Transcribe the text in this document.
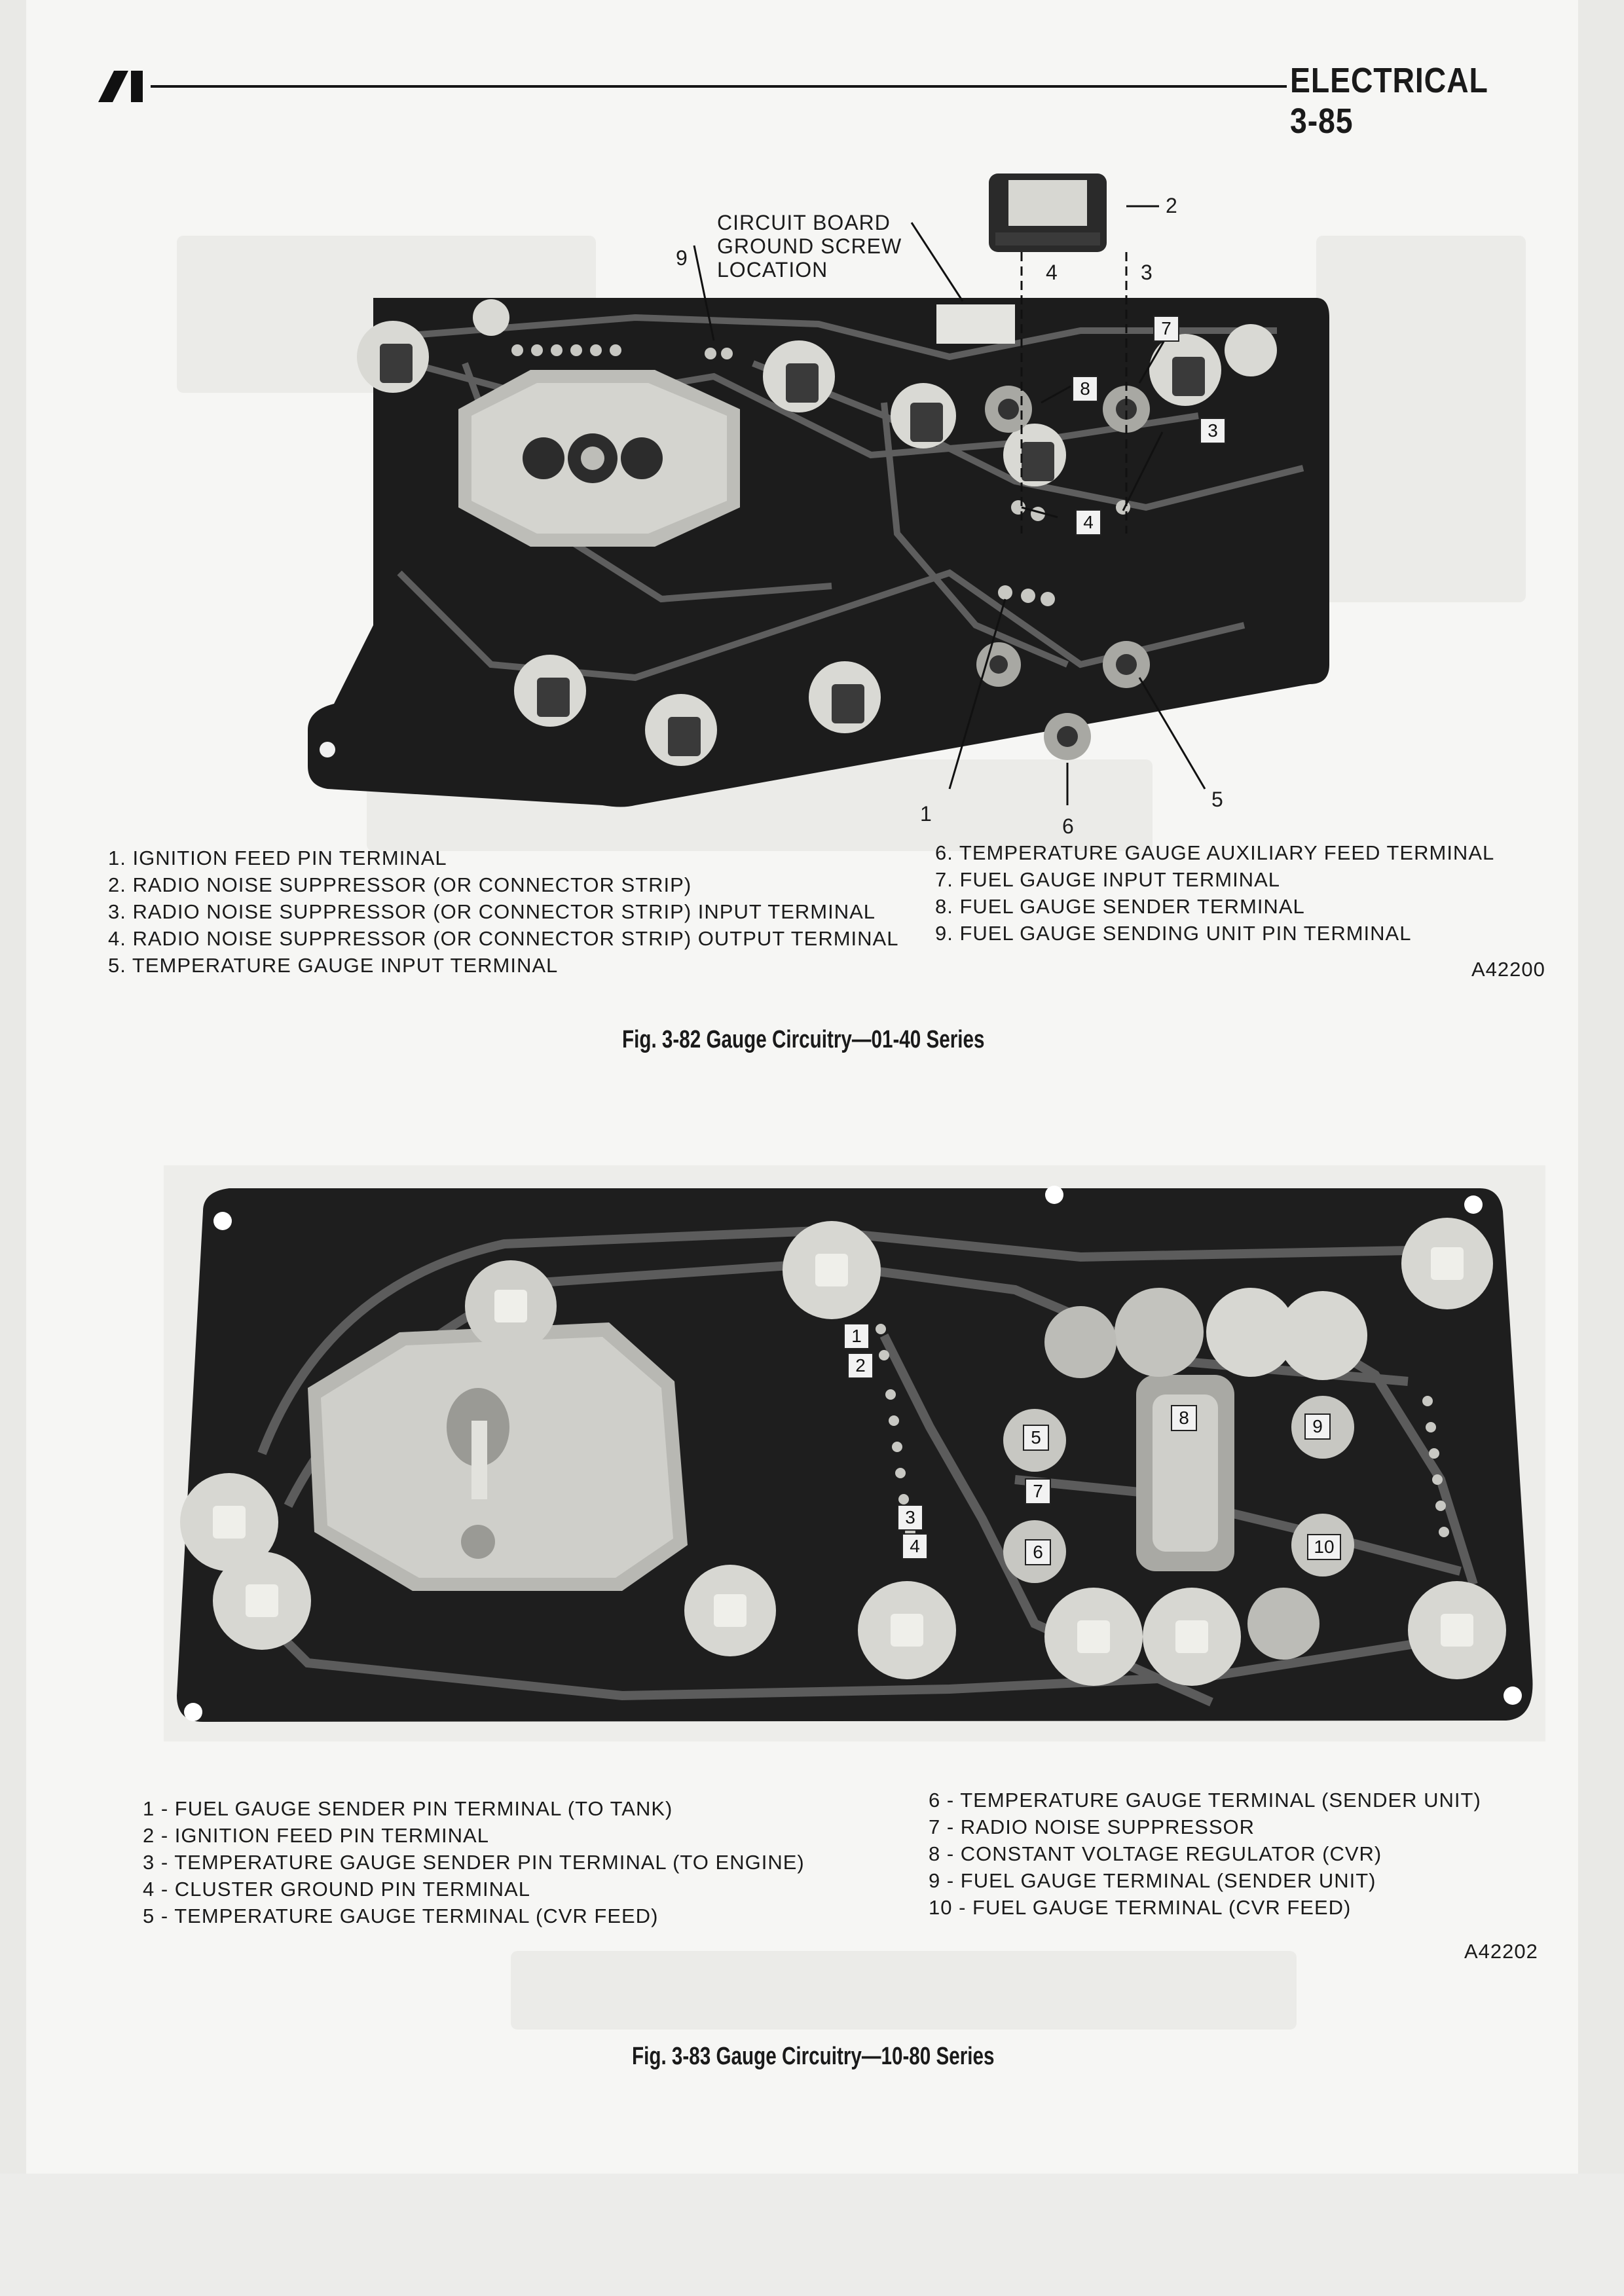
ELECTRICAL 3-85
CIRCUIT BOARD
GROUND SCREW
LOCATION
9
2
4	3
7
8
3
4
1
6
5
1. IGNITION FEED PIN TERMINAL
2. RADIO NOISE SUPPRESSOR (OR CONNECTOR STRIP)
3. RADIO NOISE SUPPRESSOR (OR CONNECTOR STRIP) INPUT TERMINAL
4. RADIO NOISE SUPPRESSOR (OR CONNECTOR STRIP) OUTPUT TERMINAL
5. TEMPERATURE GAUGE INPUT TERMINAL
6. TEMPERATURE GAUGE AUXILIARY FEED TERMINAL
7. FUEL GAUGE INPUT TERMINAL
8. FUEL GAUGE SENDER TERMINAL
9. FUEL GAUGE SENDING UNIT PIN TERMINAL
A42200
Fig. 3-82 Gauge Circuitry—01-40 Series
1
2
3
4
5
6
7
8	9
10
1 - FUEL GAUGE SENDER PIN TERMINAL (TO TANK)
2 - IGNITION FEED PIN TERMINAL
3 - TEMPERATURE GAUGE SENDER PIN TERMINAL (TO ENGINE)
4 - CLUSTER GROUND PIN TERMINAL
5 - TEMPERATURE GAUGE TERMINAL (CVR FEED)
6 - TEMPERATURE GAUGE TERMINAL (SENDER UNIT)
7 - RADIO NOISE SUPPRESSOR
8 - CONSTANT VOLTAGE REGULATOR (CVR)
9 - FUEL GAUGE TERMINAL (SENDER UNIT)
10 - FUEL GAUGE TERMINAL (CVR FEED)
A42202
Fig. 3-83 Gauge Circuitry—10-80 Series
